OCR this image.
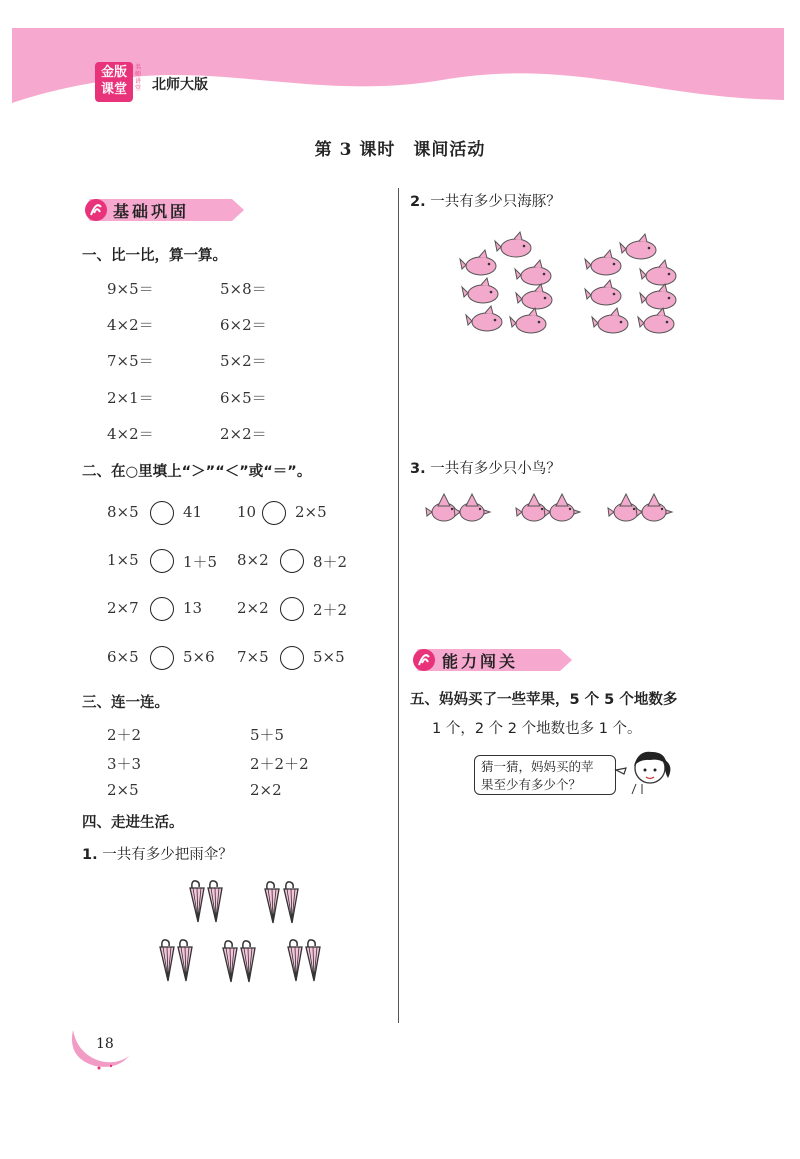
金版
课堂
名师讲堂 北师大版
第 3 课时　课间活动
基础巩固
一、比一比，算一算。
9×5＝	5×8＝
4×2＝	6×2＝
7×5＝	5×2＝
2×1＝	6×5＝
4×2＝	2×2＝
二、在○里填上“＞”“＜”或“＝”。
8×5	41 10	2×5
1×5	1＋5 8×2	8＋2
2×7	13 2×2	2＋2
6×5	5×6 7×5	5×5
三、连一连。
2＋2	5＋5
3＋3	2＋2＋2
2×5	2×2
四、走进生活。
1. 一共有多少把雨伞？
2. 一共有多少只海豚？
3. 一共有多少只小鸟？
能力闯关
五、妈妈买了一些苹果，5 个 5 个地数多
1 个，2 个 2 个地数也多 1 个。
猜一猜，妈妈买的苹
果至少有多少个？
18
